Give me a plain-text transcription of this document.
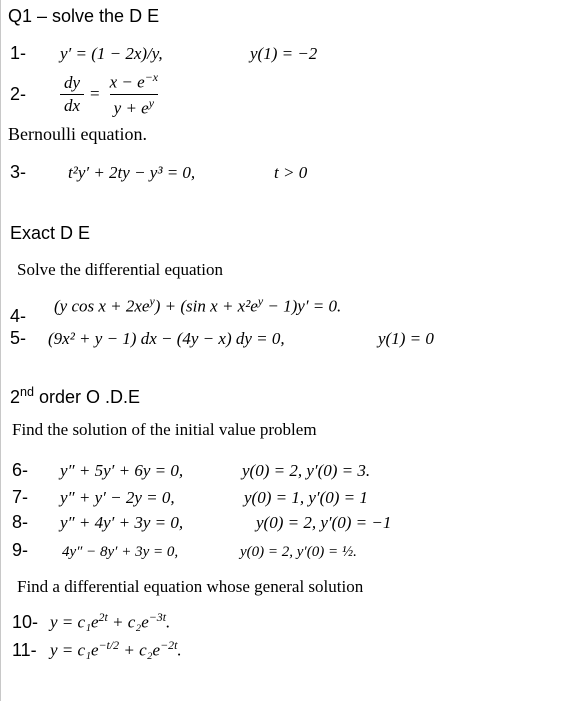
Q1 – solve the D E
1-	y′ = (1 − 2x)/y,	y(1) = −2
2-	$\frac{dy}{dx} = \frac{x - e^{-x}}{y + e^y}$
Bernoulli equation.
3-	t²y′ + 2ty − y³ = 0,	t > 0
Exact D E
Solve the differential equation
4-	(y $\cos x + 2xe^y) + (\sin$ $x + x^2e^y - 1)y' = 0$.
5-	(9x² + y − 1) dx − (4y − x) dy = 0,	y(1) = 0
2nd order O .D.E
Find the solution of the initial value problem
6-	y″ + 5y′ + 6y = 0,	y(0) = 2, y′(0) = 3.
7-	y″ + y′ − 2y = 0,	y(0) = 1, y′(0) = 1
8-	y″ + 4y′ + 3y = 0,	y(0) = 2, y′(0) = −1
9-	4y″ − 8y′ + 3y = 0,	y(0) = 2, y′(0) = ½.
Find a differential equation whose general solution
10- $y = c_1e^{2t} + c_2e^{-3t}$.
11- $y = c_1e^{-t/2} + c_2e^{-2t}$.
